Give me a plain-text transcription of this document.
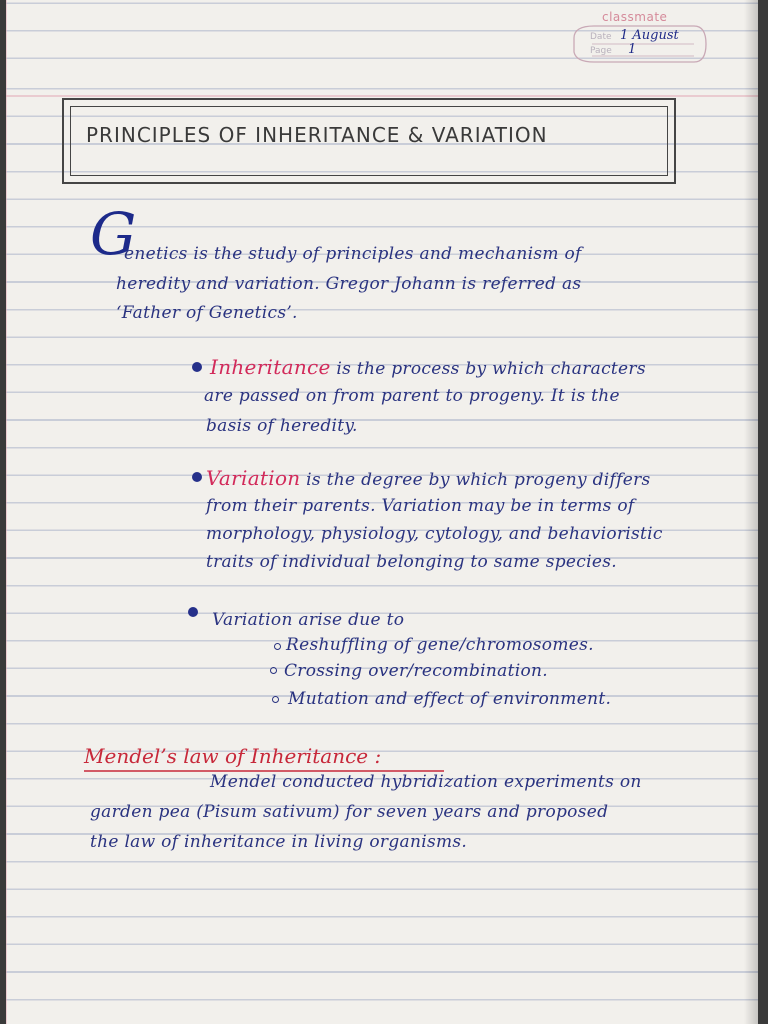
classmate
Date 1 August
Page 1
PRINCIPLES OF INHERITANCE & VARIATION
G
enetics is the study of principles and mechanism of
heredity and variation. Gregor Johann is referred as
‘Father of Genetics’.
Inheritance is the process by which characters
are passed on from parent to progeny. It is the
basis of heredity.
Variation is the degree by which progeny differs
from their parents. Variation may be in terms of
morphology, physiology, cytology, and behavioristic
traits of individual belonging to same species.
Variation arise due to
Reshuffling of gene/chromosomes.
Crossing over/recombination.
Mutation and effect of environment.
Mendel’s law of Inheritance :
Mendel conducted hybridization experiments on
garden pea (Pisum sativum) for seven years and proposed
the law of inheritance in living organisms.
